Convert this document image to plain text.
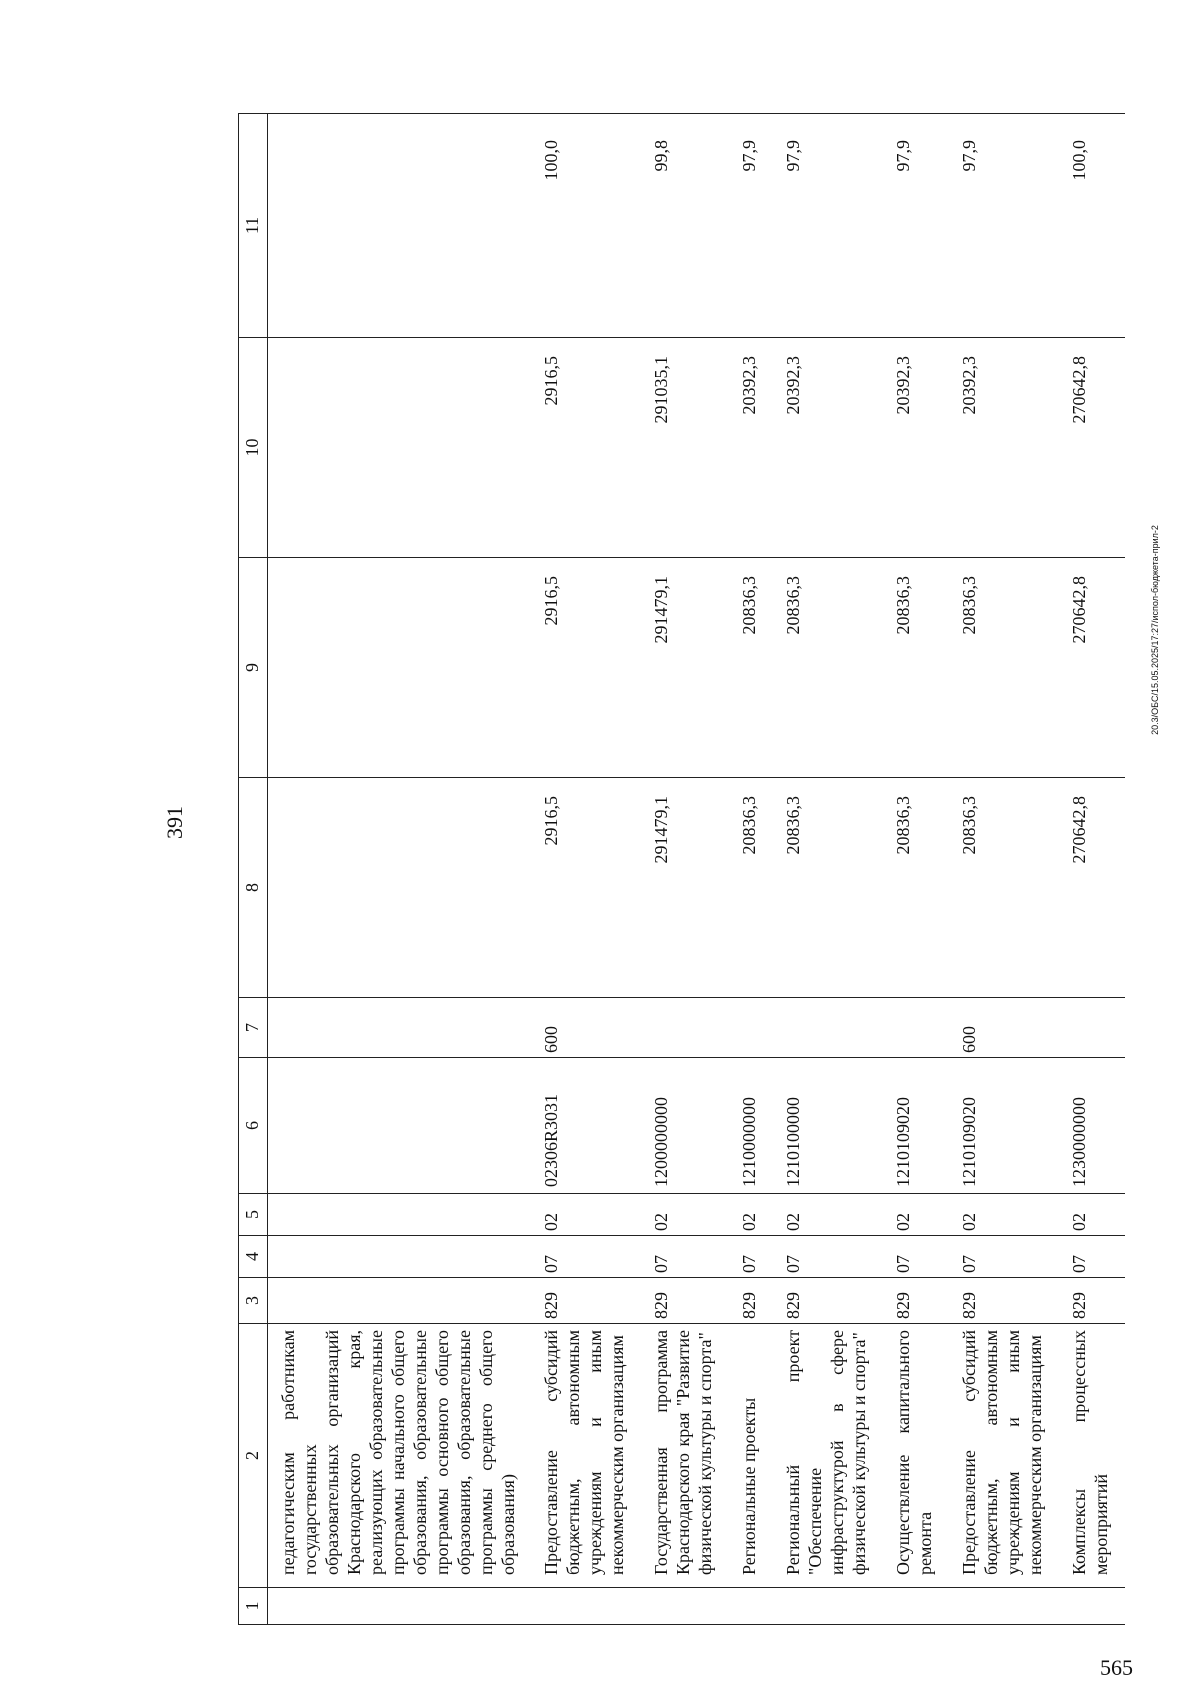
391
1	2	3	4	5	6	7	8	9	10	11
	педагогическим работникам государственных образовательных организаций Краснодарского края, реализующих образовательные программы начального общего образования, образовательные программы основного общего образования, образовательные программы среднего общего образования)									
	Предоставление субсидий бюджетным, автономным учреждениям и иным некоммерческим организациям	829	07	02	02306R3031	600	2916,5	2916,5	2916,5	100,0
	Государственная программа Краснодарского края "Развитие физической культуры и спорта"	829	07	02	1200000000		291479,1	291479,1	291035,1	99,8
	Региональные проекты	829	07	02	1210000000		20836,3	20836,3	20392,3	97,9
	Региональный проект "Обеспечение инфраструктурой в сфере физической культуры и спорта"	829	07	02	1210100000		20836,3	20836,3	20392,3	97,9
	Осуществление капитального ремонта	829	07	02	1210109020		20836,3	20836,3	20392,3	97,9
	Предоставление субсидий бюджетным, автономным учреждениям и иным некоммерческим организациям	829	07	02	1210109020	600	20836,3	20836,3	20392,3	97,9
	Комплексы процессных мероприятий	829	07	02	1230000000		270642,8	270642,8	270642,8	100,0
20.3/ОБС/15.05.2025/17:27/испол-бюджета-прил-2
565
